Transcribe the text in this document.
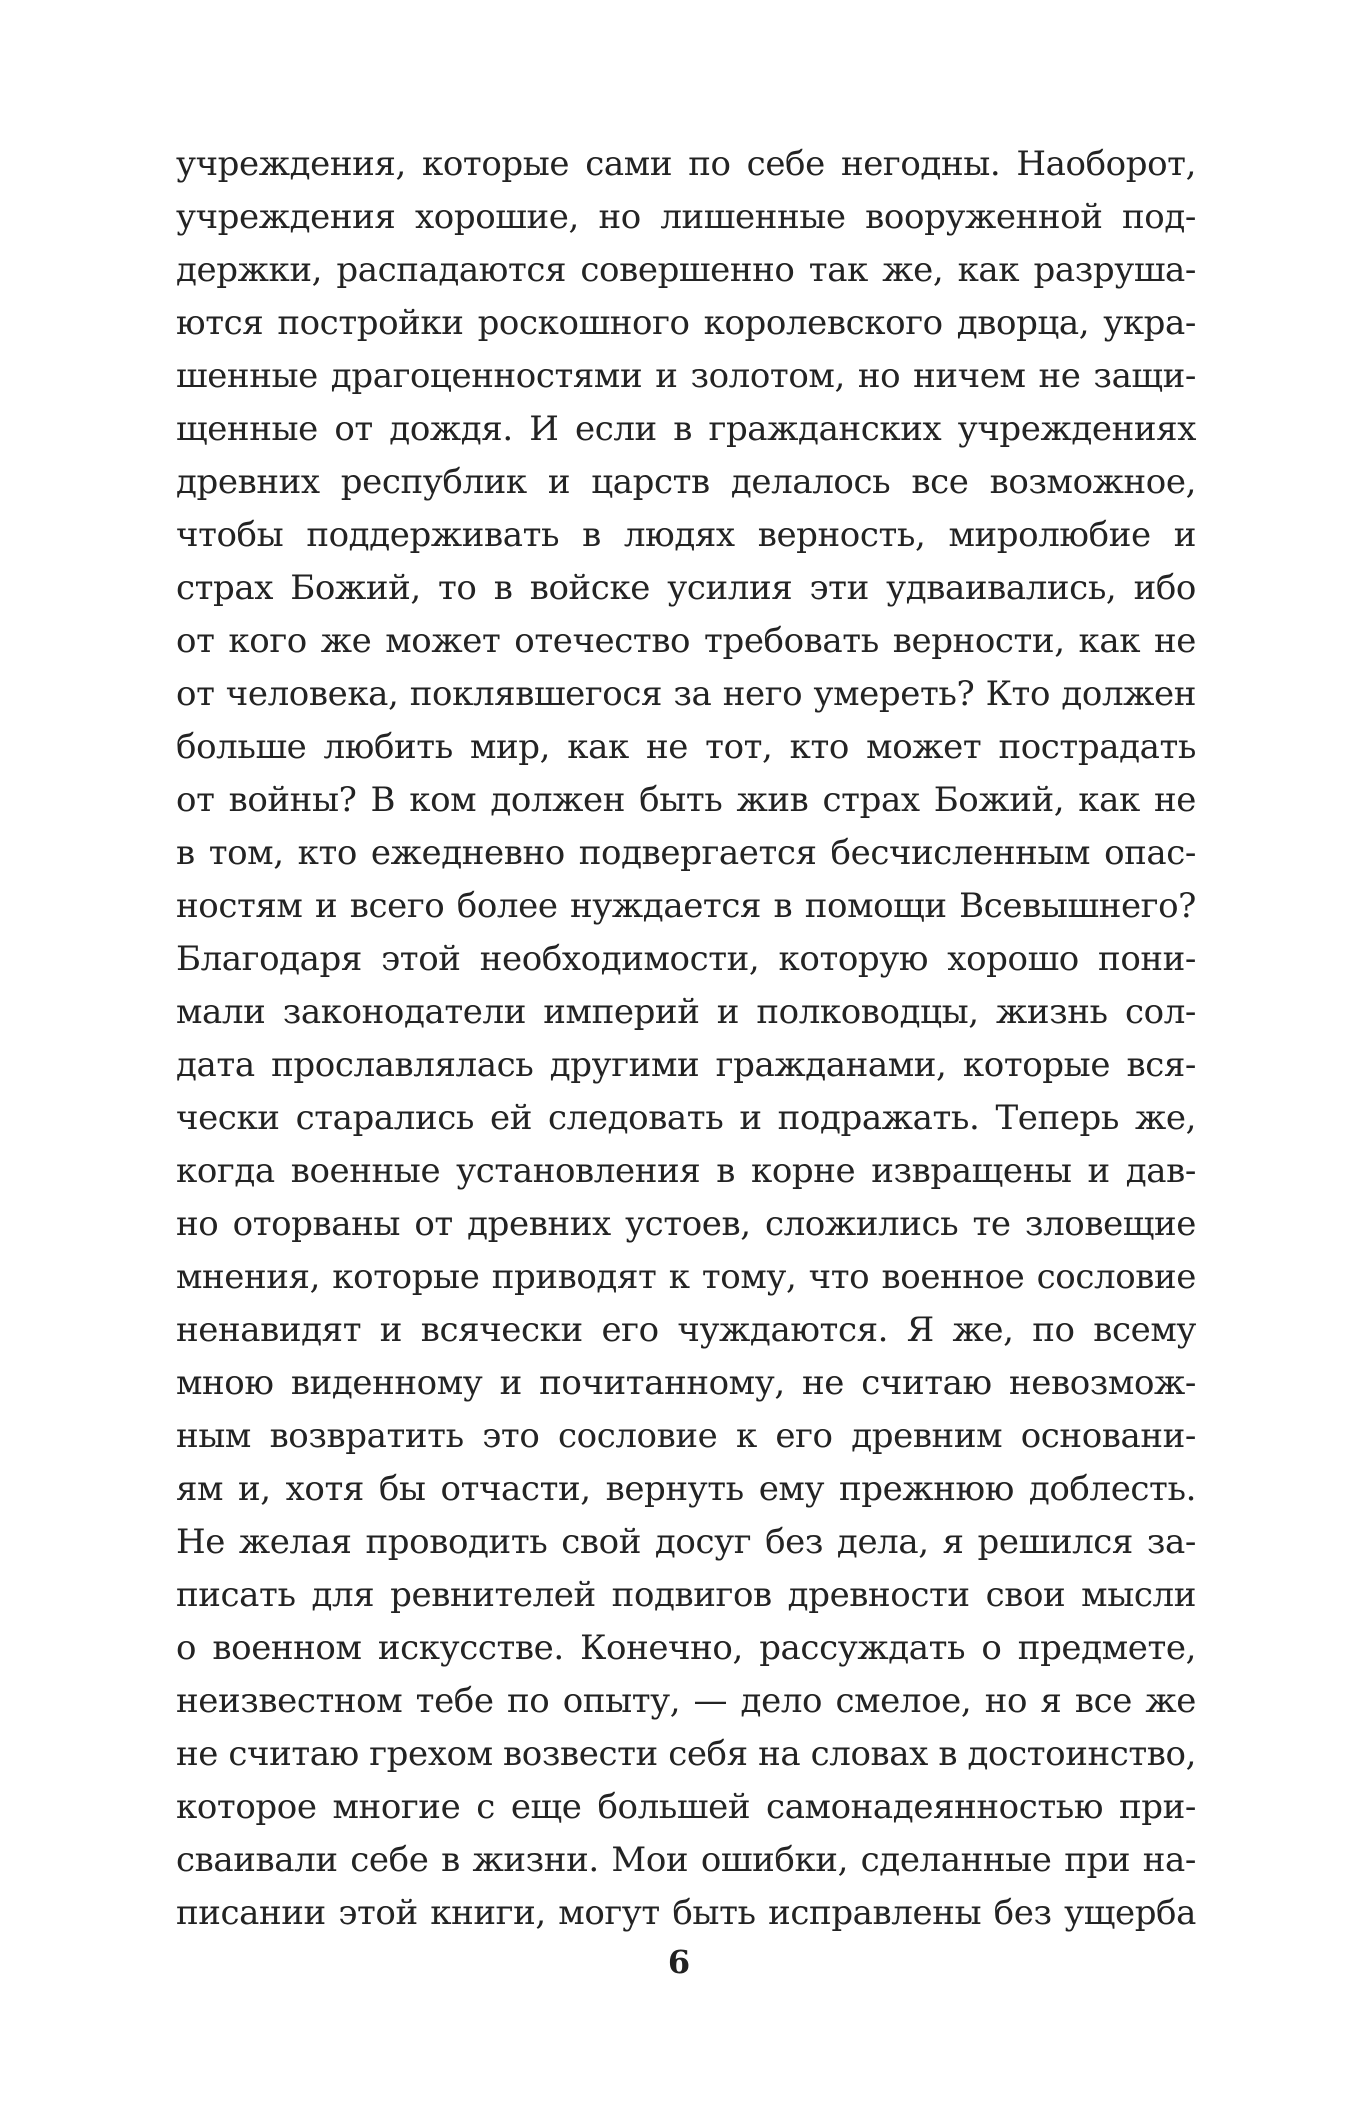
учреждения, которые сами по себе негодны. Наоборот,
учреждения хорошие, но лишенные вооруженной под-
держки, распадаются совершенно так же, как разруша-
ются постройки роскошного королевского дворца, укра-
шенные драгоценностями и золотом, но ничем не защи-
щенные от дождя. И если в гражданских учреждениях
древних республик и царств делалось все возможное,
чтобы поддерживать в людях верность, миролюбие и
страх Божий, то в войске усилия эти удваивались, ибо
от кого же может отечество требовать верности, как не
от человека, поклявшегося за него умереть? Кто должен
больше любить мир, как не тот, кто может пострадать
от войны? В ком должен быть жив страх Божий, как не
в том, кто ежедневно подвергается бесчисленным опас-
ностям и всего более нуждается в помощи Всевышнего?
Благодаря этой необходимости, которую хорошо пони-
мали законодатели империй и полководцы, жизнь сол-
дата прославлялась другими гражданами, которые вся-
чески старались ей следовать и подражать. Теперь же,
когда военные установления в корне извращены и дав-
но оторваны от древних устоев, сложились те зловещие
мнения, которые приводят к тому, что военное сословие
ненавидят и всячески его чуждаются. Я же, по всему
мною виденному и почитанному, не считаю невозмож-
ным возвратить это сословие к его древним основани-
ям и, хотя бы отчасти, вернуть ему прежнюю доблесть.
Не желая проводить свой досуг без дела, я решился за-
писать для ревнителей подвигов древности свои мысли
о военном искусстве. Конечно, рассуждать о предмете,
неизвестном тебе по опыту, — дело смелое, но я все же
не считаю грехом возвести себя на словах в достоинство,
которое многие с еще большей самонадеянностью при-
сваивали себе в жизни. Мои ошибки, сделанные при на-
писании этой книги, могут быть исправлены без ущерба
6
